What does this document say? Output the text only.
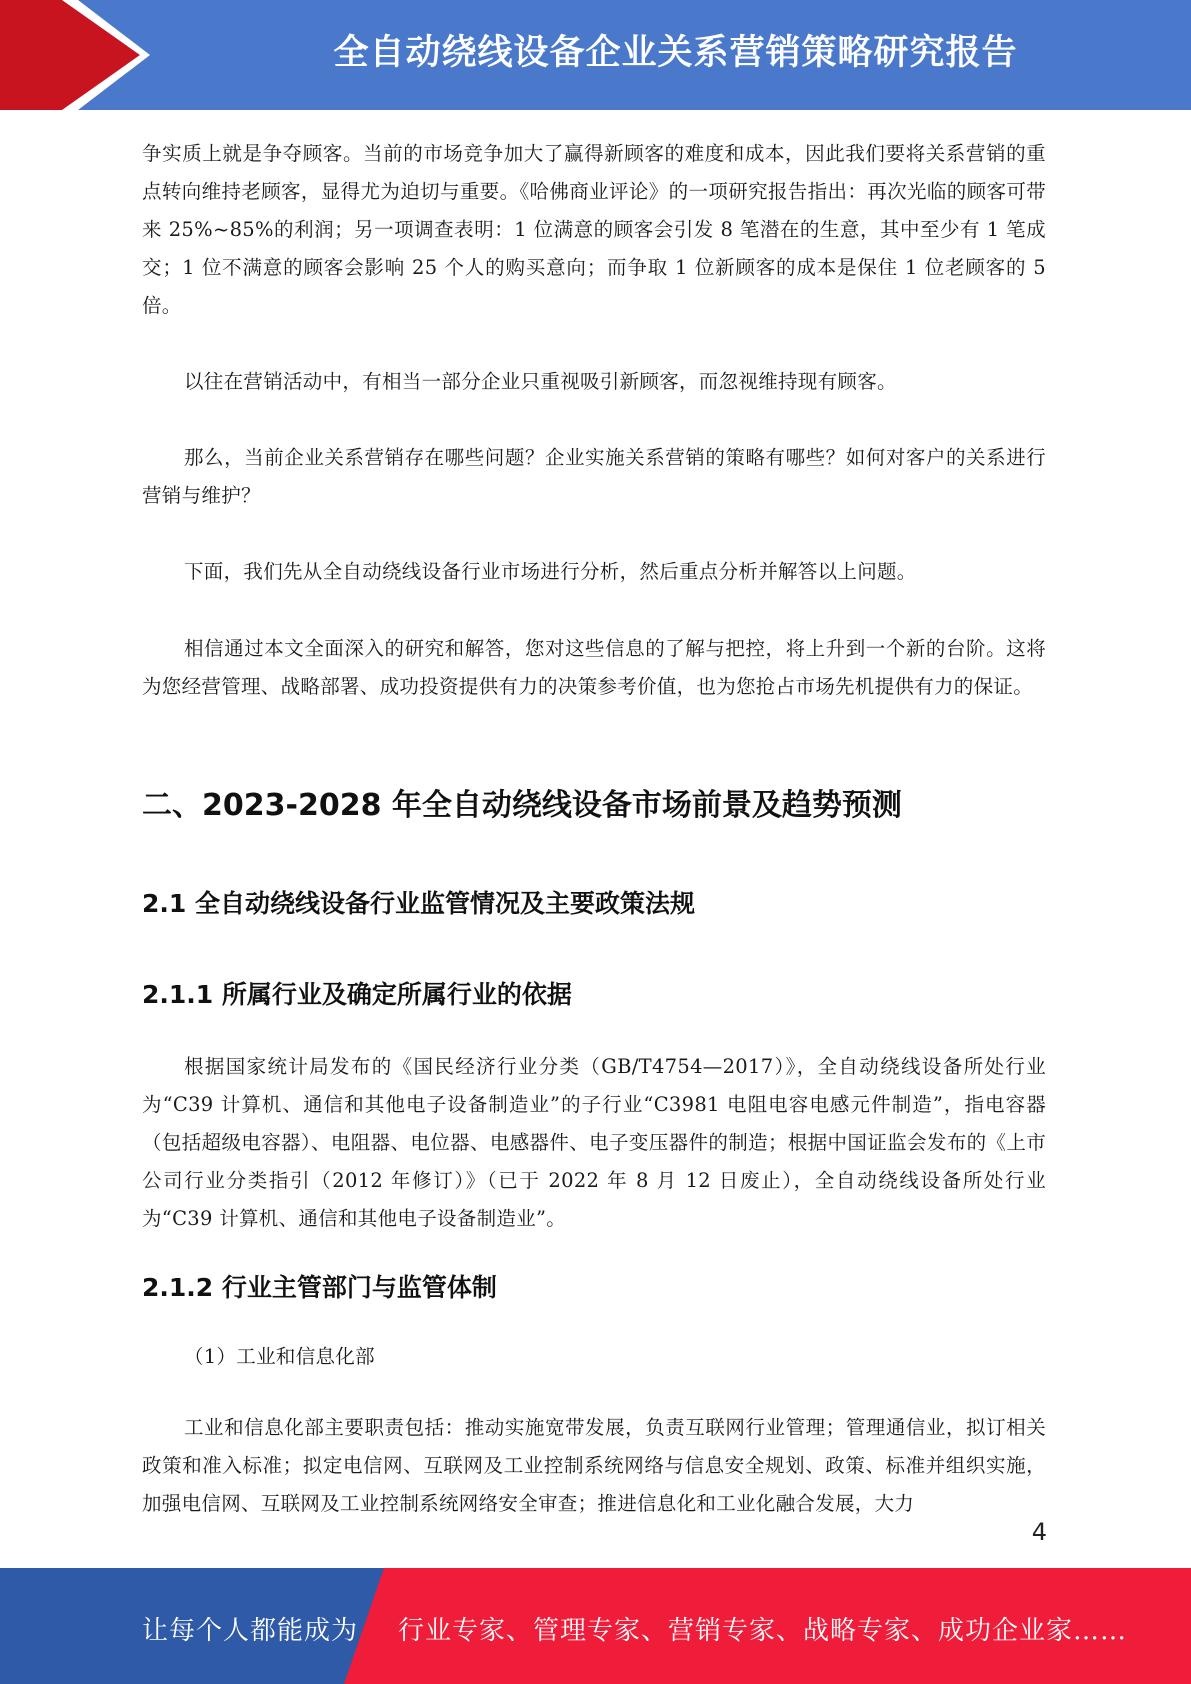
全自动绕线设备企业关系营销策略研究报告

争实质上就是争夺顾客。当前的市场竞争加大了赢得新顾客的难度和成本，因此我们要将关系营销的重点转向维持老顾客，显得尤为迫切与重要。《哈佛商业评论》的一项研究报告指出：再次光临的顾客可带来 25%~85%的利润；另一项调查表明：1 位满意的顾客会引发 8 笔潜在的生意，其中至少有 1 笔成交；1 位不满意的顾客会影响 25 个人的购买意向；而争取 1 位新顾客的成本是保住 1 位老顾客的 5 倍。

以往在营销活动中，有相当一部分企业只重视吸引新顾客，而忽视维持现有顾客。

那么，当前企业关系营销存在哪些问题？企业实施关系营销的策略有哪些？如何对客户的关系进行营销与维护？

下面，我们先从全自动绕线设备行业市场进行分析，然后重点分析并解答以上问题。

相信通过本文全面深入的研究和解答，您对这些信息的了解与把控，将上升到一个新的台阶。这将为您经营管理、战略部署、成功投资提供有力的决策参考价值，也为您抢占市场先机提供有力的保证。

二、2023-2028 年全自动绕线设备市场前景及趋势预测
2.1 全自动绕线设备行业监管情况及主要政策法规
2.1.1 所属行业及确定所属行业的依据

根据国家统计局发布的《国民经济行业分类（GB/T4754—2017）》，全自动绕线设备所处行业为“C39 计算机、通信和其他电子设备制造业”的子行业“C3981 电阻电容电感元件制造”，指电容器（包括超级电容器）、电阻器、电位器、电感器件、电子变压器件的制造；根据中国证监会发布的《上市公司行业分类指引（2012 年修订）》（已于 2022 年 8 月 12 日废止），全自动绕线设备所处行业为“C39 计算机、通信和其他电子设备制造业”。

2.1.2 行业主管部门与监管体制

（1）工业和信息化部

工业和信息化部主要职责包括：推动实施宽带发展，负责互联网行业管理；管理通信业，拟订相关政策和准入标准；拟定电信网、互联网及工业控制系统网络与信息安全规划、政策、标准并组织实施，加强电信网、互联网及工业控制系统网络安全审查；推进信息化和工业化融合发展，大力

4
让每个人都能成为 行业专家、管理专家、营销专家、战略专家、成功企业家……
